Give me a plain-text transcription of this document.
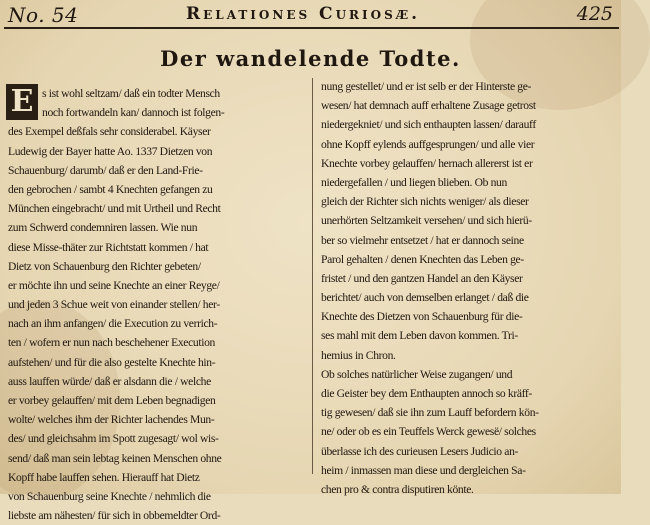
No. 54	Relationes Curiosæ.	425
Der wandelende Todte.
E s ist wohl seltzam/ daß ein todter Mensch
noch fortwandeln kan/ dannoch ist folgen-
des Exempel deßfals sehr considerabel. Käyser
Ludewig der Bayer hatte Ao. 1337 Dietzen von
Schauenburg/ darumb/ daß er den Land-Frie-
den gebrochen / sambt 4 Knechten gefangen zu
München eingebracht/ und mit Urtheil und Recht
zum Schwerd condemniren lassen. Wie nun
diese Misse-thäter zur Richtstatt kommen / hat
Dietz von Schauenburg den Richter gebeten/
er möchte ihn und seine Knechte an einer Reyge/
und jeden 3 Schue weit von einander stellen/ her-
nach an ihm anfangen/ die Execution zu verrich-
ten / wofern er nun nach beschehener Execution
aufstehen/ und für die also gestelte Knechte hin-
auss lauffen würde/ daß er alsdann die / welche
er vorbey gelauffen/ mit dem Leben begnadigen
wolte/ welches ihm der Richter lachendes Mun-
des/ und gleichsahm im Spott zugesagt/ wol wis-
send/ daß man sein lebtag keinen Menschen ohne
Kopff habe lauffen sehen. Hierauff hat Dietz
von Schauenburg seine Knechte / nehmlich die
liebste am nähesten/ für sich in obbemeldter Ord-
nung gestellet/ und er ist selb er der Hinterste ge-
wesen/ hat demnach auff erhaltene Zusage getrost
niedergekniet/ und sich enthaupten lassen/ darauff
ohne Kopff eylends auffgesprungen/ und alle vier
Knechte vorbey gelauffen/ hernach allererst ist er
niedergefallen / und liegen blieben. Ob nun
gleich der Richter sich nichts weniger/ als dieser
unerhörten Seltzamkeit versehen/ und sich hierü-
ber so vielmehr entsetzet / hat er dannoch seine
Parol gehalten / denen Knechten das Leben ge-
fristet / und den gantzen Handel an den Käyser
berichtet/ auch von demselben erlanget / daß die
Knechte des Dietzen von Schauenburg für die-
ses mahl mit dem Leben davon kommen. Tri-
hemius in Chron.
Ob solches natürlicher Weise zugangen/ und
die Geister bey dem Enthaupten annoch so kräff-
tig gewesen/ daß sie ihn zum Lauff befordern kön-
ne/ oder ob es ein Teuffels Werck gewesë/ solches
überlasse ich des curieusen Lesers Judicio an-
heim / inmassen man diese und dergleichen Sa-
chen pro & contra disputiren könte.
